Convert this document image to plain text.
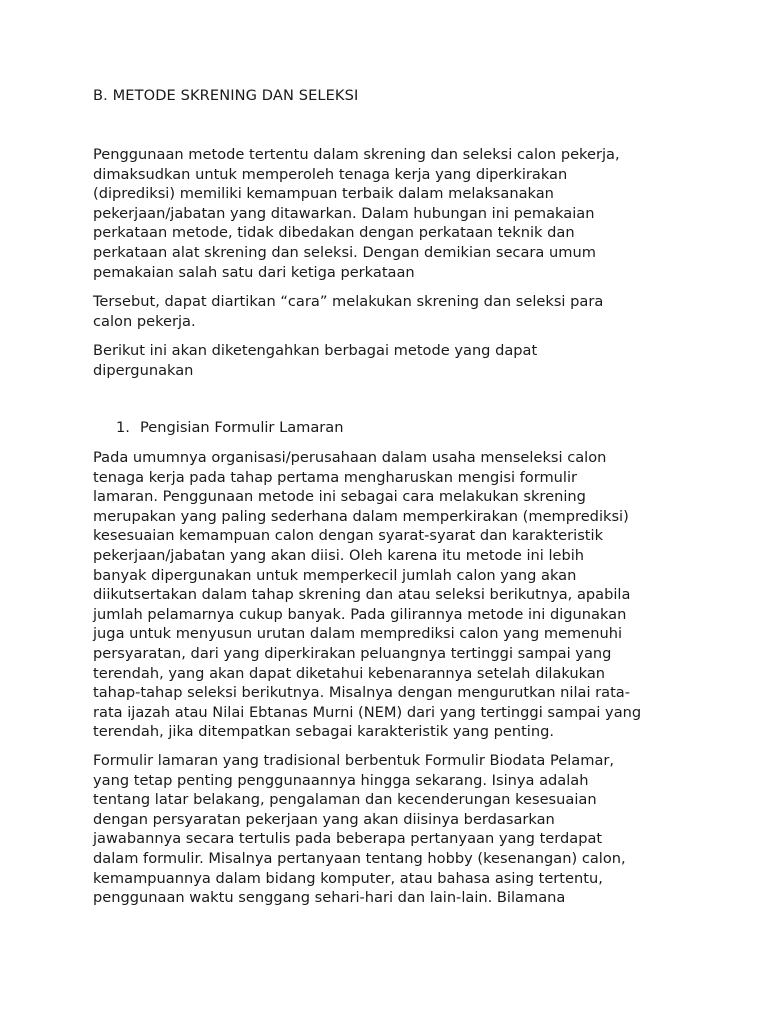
B. METODE SKRENING DAN SELEKSI
Penggunaan metode tertentu dalam skrening dan seleksi calon pekerja,
dimaksudkan untuk memperoleh tenaga kerja yang diperkirakan
(diprediksi) memiliki kemampuan terbaik dalam melaksanakan
pekerjaan/jabatan yang ditawarkan. Dalam hubungan ini pemakaian
perkataan metode, tidak dibedakan dengan perkataan teknik dan
perkataan alat skrening dan seleksi. Dengan demikian secara umum
pemakaian salah satu dari ketiga perkataan
Tersebut, dapat diartikan “cara” melakukan skrening dan seleksi para
calon pekerja.
Berikut ini akan diketengahkan berbagai metode yang dapat
dipergunakan
1. Pengisian Formulir Lamaran
Pada umumnya organisasi/perusahaan dalam usaha menseleksi calon
tenaga kerja pada tahap pertama mengharuskan mengisi formulir
lamaran. Penggunaan metode ini sebagai cara melakukan skrening
merupakan yang paling sederhana dalam memperkirakan (memprediksi)
kesesuaian kemampuan calon dengan syarat-syarat dan karakteristik
pekerjaan/jabatan yang akan diisi. Oleh karena itu metode ini lebih
banyak dipergunakan untuk memperkecil jumlah calon yang akan
diikutsertakan dalam tahap skrening dan atau seleksi berikutnya, apabila
jumlah pelamarnya cukup banyak. Pada gilirannya metode ini digunakan
juga untuk menyusun urutan dalam memprediksi calon yang memenuhi
persyaratan, dari yang diperkirakan peluangnya tertinggi sampai yang
terendah, yang akan dapat diketahui kebenarannya setelah dilakukan
tahap-tahap seleksi berikutnya. Misalnya dengan mengurutkan nilai rata-
rata ijazah atau Nilai Ebtanas Murni (NEM) dari yang tertinggi sampai yang
terendah, jika ditempatkan sebagai karakteristik yang penting.
Formulir lamaran yang tradisional berbentuk Formulir Biodata Pelamar,
yang tetap penting penggunaannya hingga sekarang. Isinya adalah
tentang latar belakang, pengalaman dan kecenderungan kesesuaian
dengan persyaratan pekerjaan yang akan diisinya berdasarkan
jawabannya secara tertulis pada beberapa pertanyaan yang terdapat
dalam formulir. Misalnya pertanyaan tentang hobby (kesenangan) calon,
kemampuannya dalam bidang komputer, atau bahasa asing tertentu,
penggunaan waktu senggang sehari-hari dan lain-lain. Bilamana
